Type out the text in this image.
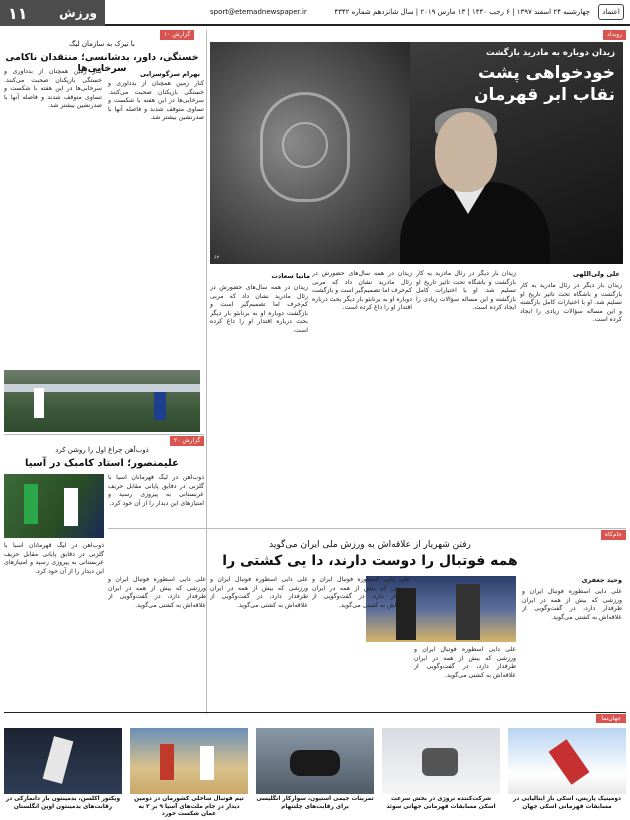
۱۱	ورزش	sport@etemadnewspaper.ir	چهارشنبه ۲۴ اسفند ۱۳۹۷ | ۶ رجب ۱۴۴۰ | ۱۳ مارس ۲۰۱۹ | سال شانزدهم شماره ۴۳۴۲	اعتماد
رویداد
زیدان دوباره به مادرید بازگشت
خودخواهی پشت نقاب ابر قهرمان
۶۳
گزارش ۱۰
با تیرک به سازمان لیگ
خستگی، داور، بدشانسی؛ منتقدان ناکامی سرخابی‌ها	بهرام سرگوسرایی

کنار زمین همچنان از بدداوری و خستگی بازیکنان صحبت می‌کنند. سرخابی‌ها در این هفته با شکست و تساوی متوقف شدند و فاصله آنها با صدرنشین بیشتر شد.

کنار زمین همچنان از بدداوری و خستگی بازیکنان صحبت می‌کنند. سرخابی‌ها در این هفته با شکست و تساوی متوقف شدند و فاصله آنها با صدرنشین بیشتر شد.

گزارش ۲۰
ذوب‌آهن چراغ اول را روشن کرد
علیمنصور؛ استاد کامبک در آسیا

ذوب‌آهن در لیگ قهرمانان آسیا با گلزنی در دقایق پایانی مقابل حریف عربستانی به پیروزی رسید و امتیازهای این دیدار را از آن خود کرد.

ذوب‌آهن در لیگ قهرمانان آسیا با گلزنی در دقایق پایانی مقابل حریف عربستانی به پیروزی رسید و امتیازهای این دیدار را از آن خود کرد.

مانیا سعادت

زیدان در همه سال‌های حضورش در رئال مادرید نشان داد که مربی کم‌حرف اما تصمیم‌گیر است و بازگشت دوباره او به برنابئو بار دیگر بحث درباره اقتدار او را داغ کرده است.

زیدان در همه سال‌های حضورش در رئال مادرید نشان داد که مربی کم‌حرف اما تصمیم‌گیر است و بازگشت دوباره او به برنابئو بار دیگر بحث درباره اقتدار او را داغ کرده است.

زیدان بار دیگر در رئال مادرید به کار بازگشت و باشگاه تحت تاثیر تاریخ او تسلیم شد. او با اختیارات کامل بازگشته و این مساله سؤالات زیادی را ایجاد کرده است.

علی ولی‌اللهی

زیدان بار دیگر در رئال مادرید به کار بازگشت و باشگاه تحت تاثیر تاریخ او تسلیم شد. او با اختیارات کامل بازگشته و این مساله سؤالات زیادی را ایجاد کرده است.

جام‌کاه
رفتن شهریار از علاقه‌اش به ورزش ملی ایران می‌گوید
همه فوتبال را دوست دارند، دا یی کشتی را
وحید جعفری

علی دایی اسطوره فوتبال ایران و ورزشی که بیش از همه در ایران طرفدار دارد، در گفت‌وگویی از علاقه‌اش به کشتی می‌گوید.

علی دایی اسطوره فوتبال ایران و ورزشی که بیش از همه در ایران طرفدار دارد، در گفت‌وگویی از علاقه‌اش به کشتی می‌گوید.

علی دایی اسطوره فوتبال ایران و ورزشی که بیش از همه در ایران طرفدار دارد، در گفت‌وگویی از علاقه‌اش به کشتی می‌گوید.

علی دایی اسطوره فوتبال ایران و ورزشی که بیش از همه در ایران طرفدار دارد، در گفت‌وگویی از علاقه‌اش به کشتی می‌گوید.

علی دایی اسطوره فوتبال ایران و ورزشی که بیش از همه در ایران طرفدار دارد، در گفت‌وگویی از علاقه‌اش به کشتی می‌گوید.

جهان‌نما
دومینیک پاریس، اسکی باز ایتالیایی در مسابقات قهرمانی اسکی جهان
شرکت‌کننده نروژی در بخش سرعت اسکی مسابقات قهرمانی جهانی سوئد
تمرینات جیمی استیون، سوارکار انگلیسی برای رقابت‌های چلتنهام
تیم فوتبال ساحلی کشورمان در دومین دیدار در جام ملت‌های آسیا ۹ بر ۲ به عمان شکست خورد
ویکتور اکلسن، بدمینتون باز دانمارکی در رقابت‌های بدمینتون اوپن انگلستان
